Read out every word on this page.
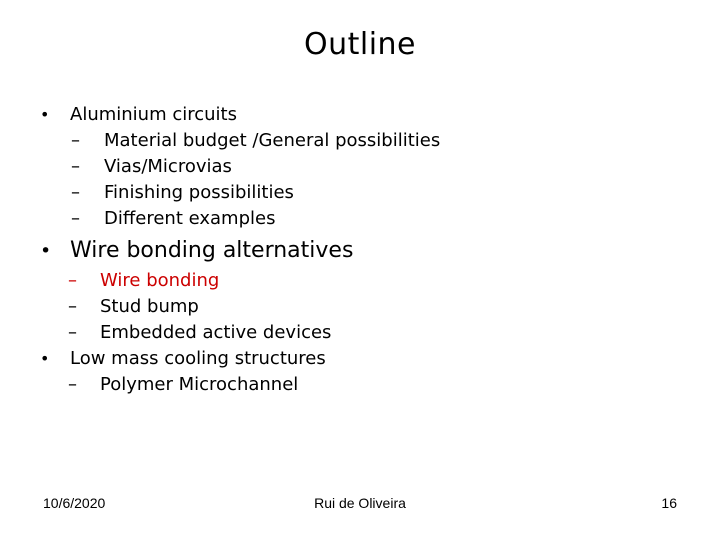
Outline
• Aluminium circuits
– Material budget /General possibilities
– Vias/Microvias
– Finishing possibilities
– Different examples
• Wire bonding alternatives
– Wire bonding
– Stud bump
– Embedded active devices
• Low mass cooling structures
– Polymer Microchannel
10/6/2020	Rui de Oliveira	16
